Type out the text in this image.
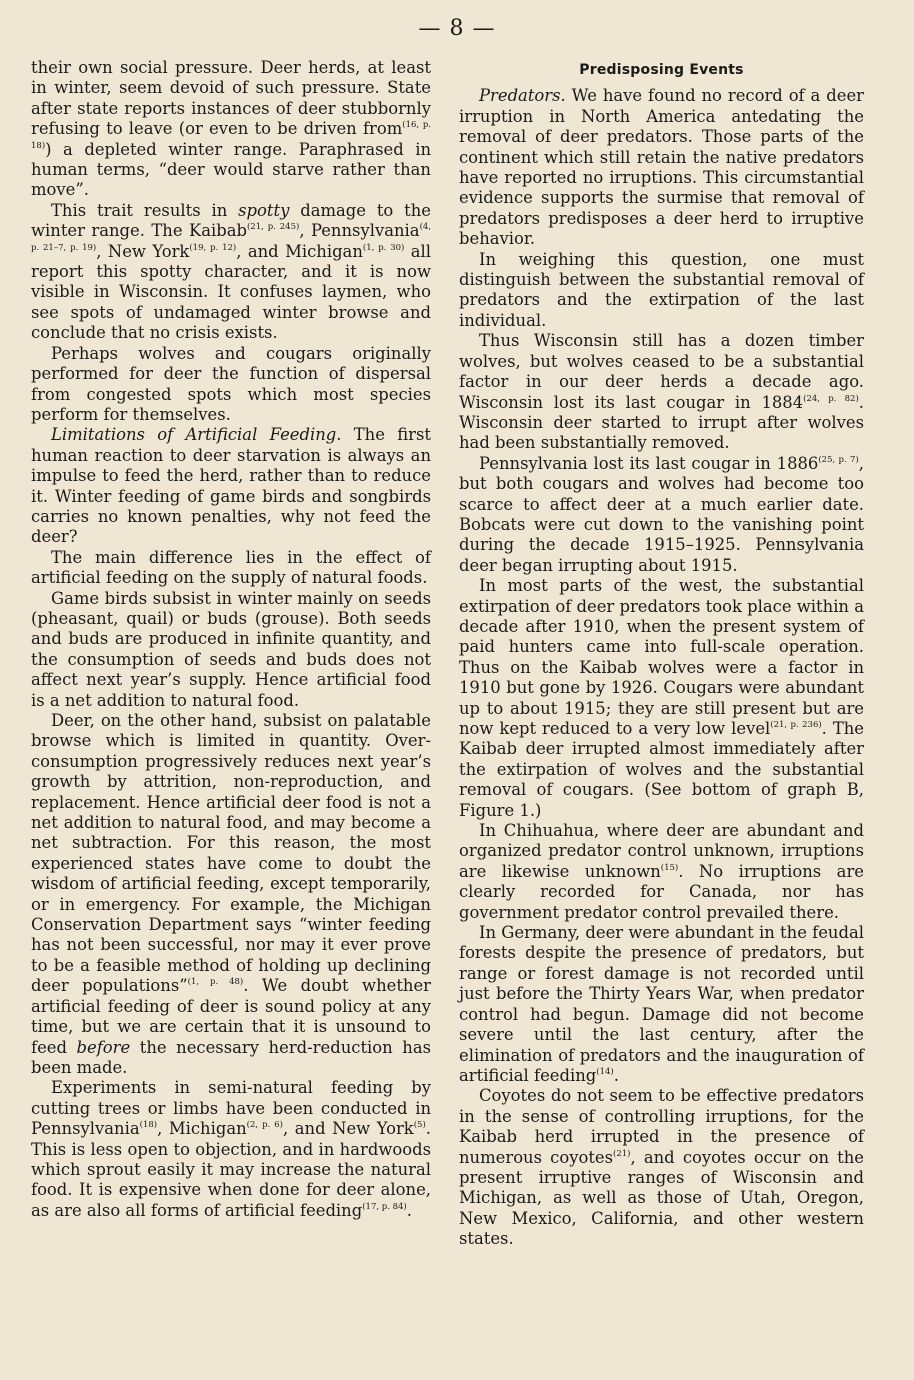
— 8 —

their own social pressure. Deer herds, at least in winter, seem devoid of such pressure. State after state reports instances of deer stubbornly refusing to leave (or even to be driven from$^{(16, p. 18)}$) a depleted winter range. Paraphrased in human terms, “deer would starve rather than move”.

This trait results in spotty damage to the winter range. The Kaibab$^{(21, p. 245)}$, Pennsylvania$^{(4, p. 21-7, p. 19)}$, New York$^{(19, p. 12)}$, and Michigan$^{(1, p. 30)}$ all report this spotty character, and it is now visible in Wisconsin. It confuses laymen, who see spots of undamaged winter browse and conclude that no crisis exists.

Perhaps wolves and cougars originally performed for deer the function of dispersal from congested spots which most species perform for themselves.

Limitations of Artificial Feeding. The first human reaction to deer starvation is always an impulse to feed the herd, rather than to reduce it. Winter feeding of game birds and songbirds carries no known penalties, why not feed the deer?

The main difference lies in the effect of artificial feeding on the supply of natural foods.

Game birds subsist in winter mainly on seeds (pheasant, quail) or buds (grouse). Both seeds and buds are produced in infinite quantity, and the consumption of seeds and buds does not affect next year’s supply. Hence artificial food is a net addition to natural food.

Deer, on the other hand, subsist on palatable browse which is limited in quantity. Over-consumption progressively reduces next year’s growth by attrition, non-reproduction, and replacement. Hence artificial deer food is not a net addition to natural food, and may become a net subtraction. For this reason, the most experienced states have come to doubt the wisdom of artificial feeding, except temporarily, or in emergency. For example, the Michigan Conservation Department says “winter feeding has not been successful, nor may it ever prove to be a feasible method of holding up declining deer populations”$^{(1, p. 48)}$. We doubt whether artificial feeding of deer is sound policy at any time, but we are certain that it is unsound to feed before the necessary herd-reduction has been made.

Experiments in semi-natural feeding by cutting trees or limbs have been conducted in Pennsylvania$^{(18)}$, Michigan$^{(2, p. 6)}$, and New York$^{(5)}$. This is less open to objection, and in hardwoods which sprout easily it may increase the natural food. It is expensive when done for deer alone, as are also all forms of artificial feeding$^{(17, p. 84)}$.

Predisposing Events

Predators. We have found no record of a deer irruption in North America antedating the removal of deer predators. Those parts of the continent which still retain the native predators have reported no irruptions. This circumstantial evidence supports the surmise that removal of predators predisposes a deer herd to irruptive behavior.

In weighing this question, one must distinguish between the substantial removal of predators and the extirpation of the last individual.

Thus Wisconsin still has a dozen timber wolves, but wolves ceased to be a substantial factor in our deer herds a decade ago. Wisconsin lost its last cougar in $1884^{(24, p. 82)}$. Wisconsin deer started to irrupt after wolves had been substantially removed.

Pennsylvania lost its last cougar in $1886^{(25, p. 7)}$, but both cougars and wolves had become too scarce to affect deer at a much earlier date. Bobcats were cut down to the vanishing point during the decade 1915–1925. Pennsylvania deer began irrupting about 1915.

In most parts of the west, the substantial extirpation of deer predators took place within a decade after 1910, when the present system of paid hunters came into full-scale operation. Thus on the Kaibab wolves were a factor in 1910 but gone by 1926. Cougars were abundant up to about 1915; they are still present but are now kept reduced to a very low level$^{(21, p. 236)}$. The Kaibab deer irrupted almost immediately after the extirpation of wolves and the substantial removal of cougars. (See bottom of graph B, Figure 1.)

In Chihuahua, where deer are abundant and organized predator control unknown, irruptions are likewise unknown$^{(15)}$. No irruptions are clearly recorded for Canada, nor has government predator control prevailed there.

In Germany, deer were abundant in the feudal forests despite the presence of predators, but range or forest damage is not recorded until just before the Thirty Years War, when predator control had begun. Damage did not become severe until the last century, after the elimination of predators and the inauguration of artificial feeding$^{(14)}$.

Coyotes do not seem to be effective predators in the sense of controlling irruptions, for the Kaibab herd irrupted in the presence of numerous coyotes$^{(21)}$, and coyotes occur on the present irruptive ranges of Wisconsin and Michigan, as well as those of Utah, Oregon, New Mexico, California, and other western states.
